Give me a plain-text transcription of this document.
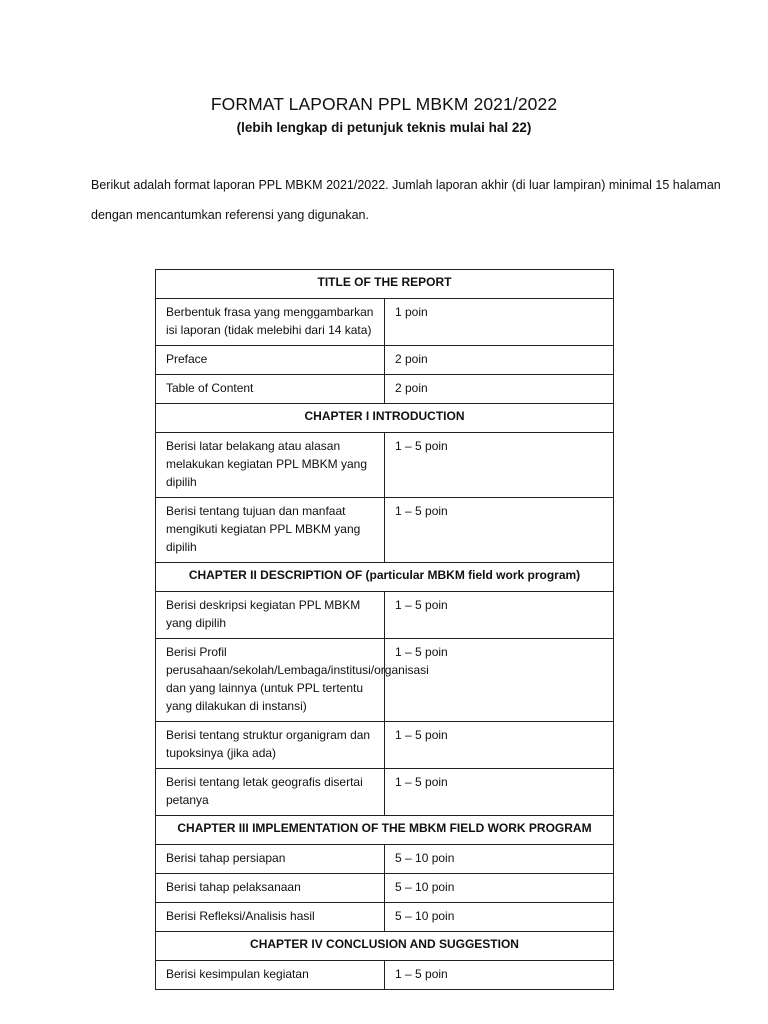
FORMAT LAPORAN PPL MBKM 2021/2022
(lebih lengkap di petunjuk teknis mulai hal 22)

Berikut adalah format laporan PPL MBKM 2021/2022. Jumlah laporan akhir (di luar lampiran) minimal 15 halaman dengan mencantumkan referensi yang digunakan.

TITLE OF THE REPORT	
Berbentuk frasa yang menggambarkan isi laporan (tidak melebihi dari 14 kata)	1 poin
Preface	2 poin
Table of Content	2 poin
CHAPTER I INTRODUCTION	
Berisi latar belakang atau alasan melakukan kegiatan PPL MBKM yang dipilih	1 – 5 poin
Berisi tentang tujuan dan manfaat mengikuti kegiatan PPL MBKM yang dipilih	1 – 5 poin
CHAPTER II DESCRIPTION OF (particular MBKM field work program)	
Berisi deskripsi kegiatan PPL MBKM yang dipilih	1 – 5 poin
Berisi Profil perusahaan/sekolah/Lembaga/institusi/organisasi dan yang lainnya (untuk PPL tertentu yang dilakukan di instansi)	1 – 5 poin
Berisi tentang struktur organigram dan tupoksinya (jika ada)	1 – 5 poin
Berisi tentang letak geografis disertai petanya	1 – 5 poin
CHAPTER III IMPLEMENTATION OF THE MBKM FIELD WORK PROGRAM	
Berisi tahap persiapan	5 – 10 poin
Berisi tahap pelaksanaan	5 – 10 poin
Berisi Refleksi/Analisis hasil	5 – 10 poin
CHAPTER IV CONCLUSION AND SUGGESTION	
Berisi kesimpulan kegiatan	1 – 5 poin
